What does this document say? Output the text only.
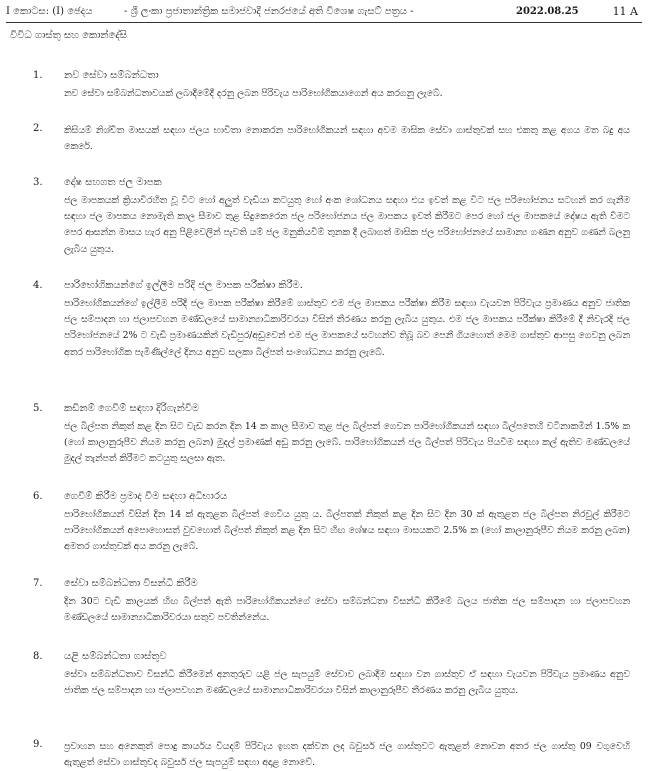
I කොටස: (I) ඡෙදය	- ශ්‍රී ලංකා ප්‍රජාතාන්ත්‍රික සමාජවාදී ජනරජයේ අති විශෙෂ ගැසට් පත්‍රය -	2022.08.25	11 A
විවිධ ගාස්තු සහ කොන්දේසි
1. නව සේවා සම්බන්ධතා
නව සේවා සම්බන්ධතාවයක් ලබාදීමේදී දරනු ලබන පිරිවැය පාරිභෝගිකයාගෙන් අය කරගනු ලැබේ.
2. කිසියම් නිශ්චිත මාසයක් සඳහා ජලය භාවිතා නොකරන පාරිභෝගිකයන් සඳහා අවම මාසික සේවා ගාස්තුවක් සහ එකතු කළ අගය මත බදු අය කෙරේ.
3. දෝෂ සහගත ජල මාපක
ජල මාපකයක් ක්‍රියාවිරහිත වූ විට හෝ අලුත් වැඩියා කටයුතු හෝ අංක ශෝධනය සඳහා එය ඉවත් කළ විට ජල පරිභෝජනය සටහන් කර ගැනීම සඳහා ජල මාපකය නොමැති කාල සීමාව තුළ සිදුකෙරෙන ජල පරිභෝජනය ජල මාපකය ඉවත් කිරීමට පෙර හෝ ජල මාපකයේ දෝෂය ඇති වීමට පෙර ආසන්න මාසය හැර අනු පිළිවෙලින් පැවති යම් ජල මනුකියවීම් තුනක දී ලබාගත් මාසික ජල පරිභෝජනයේ සාමාන්‍ය ගණන අනුව ගණන් බලනු ලැබිය යුතුය.
4. පාරිභෝගිකයන්ගේ ඉල්ලීම පරිදි ජල මාපක පරීක්ෂා කිරීම.
පාරිභෝගිකයන්ගේ ඉල්ලීම පරිදි ජල මාපක පරීක්ෂා කිරීමේ ගාස්තුව එම ජල මාපකය පරීක්ෂා කිරීම සඳහා වැයවන පිරිවැය ප්‍රමාණය අනුව ජාතික ජල සම්පාදන හා ජලාපවහන මණ්ඩලයේ සාමාන්‍යාධිකාරිවරයා විසින් තීරණය කරනු ලැබිය යුතුය. එම ජල මාපකය පරීක්ෂා කිරීමේ දී නිවැරදි ජල පරිභෝජනයේ 2% ට වැඩි ප්‍රමාණයකින් වැඩිපුර/අඩුවෙන් එම ජල මාපකයේ සටහන්ව තිබූ බව පෙනී ගියහොත් මෙම ගාස්තුව ආපසු ගෙවනු ලබන අතර පාරිභෝගික පැමිණිල්ලේ දිනය අනුව සලකා බිල්පත් සංශෝධනය කරනු ලැබේ.
5. කඩිනම් ගෙවීම් සඳහා දිරිගැන්වීම
ජල බිල්පත නිකුත් කළ දින සිට වැඩ කරන දින 14 ක කාල සීමාව තුළ ජල බිල්පත් ගෙවන පාරිභෝගිකයන් සඳහා බිල්පතෙහි වටිනාකමින් 1.5% ක (හෝ කාලානුරූපීව නියම කරනු ලබන) මුදල් ප්‍රමාණක් අඩු කරනු ලැබේ. පාරිභෝගිකයන් ජල බිල්පත් පිරිවැය පියවීම සඳහා කල් ඇතිව මණ්ඩලයේ මුදල් තැන්පත් කිරීමට කටයුතු සලසා ඇත.
6. ගෙවීම් කිරීම ප්‍රමාද වීම සඳහා අධිභාරය
පාරිභෝගිකයන් විසින් දින 14 ක් ඇතුළත බිල්පත් ගෙවිය යුතු ය. බිල්පතක් නිකුත් කළ දින සිට දින 30 ක් ඇතුළත ජල බිල්පත නිරවුල් කිරීමට පාරිභෝගිකයන් අපොහොසත් වුවහොත් බිල්පත් නිකුත් කළ දින සිට හිඟ ශේෂය සඳහා මාසයකට 2.5% ක (හෝ කාලානුරූපීව නියම කරනු ලබන) අමතර ගාස්තුවක් අය කරනු ලැබේ.
7. සේවා සම්බන්ධතා විසන්ධි කිරීම
දින 30ට වැඩි කාලයක් හිඟ බිල්පත් ඇති පාරිභෝගිකයන්ගේ සේවා සම්බන්ධතා විසන්ධි කිරීමේ බලය ජාතික ජල සම්පාදන හා ජලාපවහන මණ්ඩලයේ සාමාන්‍යාධිකාරිවරයා සතුව පවතින්නේය.
8. යළි සම්බන්ධතා ගාස්තුව
සේවා සම්බන්ධතාව විසන්ධි කිරීමෙන් අනතුරුව යළි ජල සැපයුම් සේවාව ලබාදීම සඳහා වන ගාස්තුව ඒ සඳහා වැයවන පිරිවැය ප්‍රමාණය අනුව ජාතික ජල සම්පාදන හා ජලාපවහන මණ්ඩලයේ සාමාන්‍යාධිකාරිවරයා විසින් කාලානුරූපීව තීරණය කරනු ලැබිය යුතුය.
9. ප්‍රවාහන සහ අනෙකුත් පොදු කාර්යය වියදම් පිරිවැය ඉහත දක්වන ලද බවුසර් ජල ගාස්තුවට ඇතුළත් නොවන අතර ජල ගාස්තු 09 වගුවෙහි ඇතුළත් සේවා ගාස්තුවද බවුසර් ජල සැපයුම් සඳහා අදාළ නොවේ.
